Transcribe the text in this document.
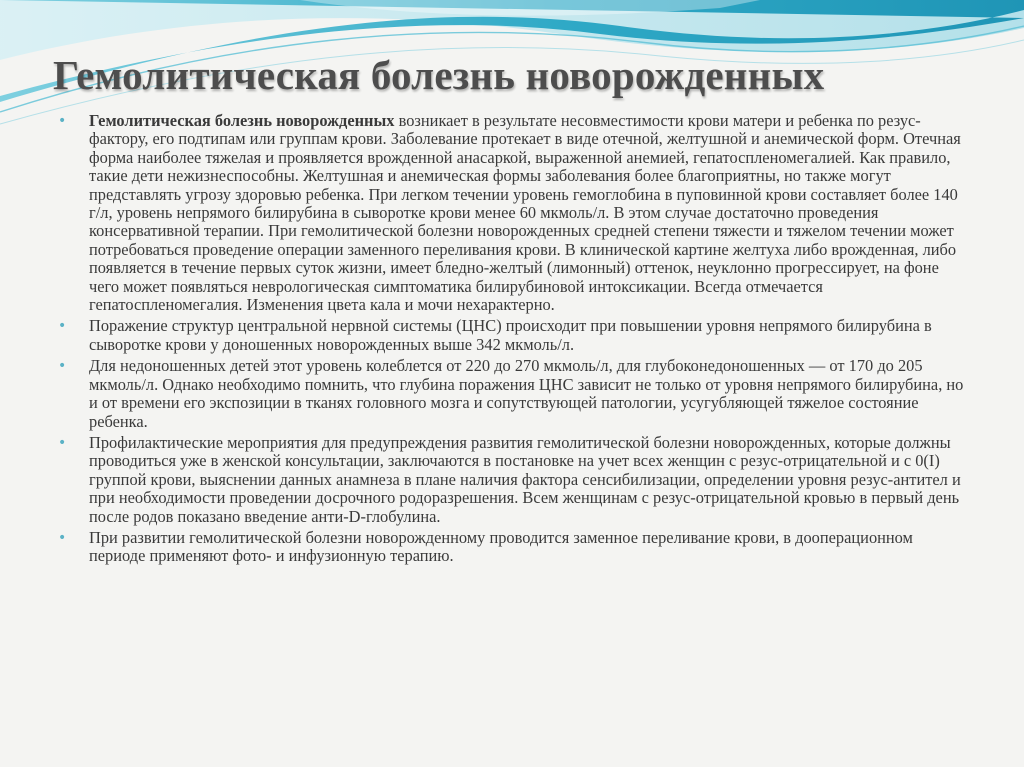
Гемолитическая болезнь новорожденных
• Гемолитическая болезнь новорожденных возникает в результате несовместимости крови матери и ребенка по резус-фактору, его подтипам или группам крови. Заболевание протекает в виде отечной, желтушной и анемической форм. Отечная форма наиболее тяжелая и проявляется врожденной анасаркой, выраженной анемией, гепатоспленомегалией. Как правило, такие дети нежизнеспособны. Желтушная и анемическая формы заболевания более благоприятны, но также могут представлять угрозу здоровью ребенка. При легком течении уровень гемоглобина в пуповинной крови составляет более 140 г/л, уровень непрямого билирубина в сыворотке крови менее 60 мкмоль/л. В этом случае достаточно проведения консервативной терапии. При гемолитической болезни новорожденных средней степени тяжести и тяжелом течении может потребоваться проведение операции заменного переливания крови. В клинической картине желтуха либо врожденная, либо появляется в течение первых суток жизни, имеет бледно-желтый (лимонный) оттенок, неуклонно прогрессирует, на фоне чего может появляться неврологическая симптоматика билирубиновой интоксикации. Всегда отмечается гепатоспленомегалия. Изменения цвета кала и мочи нехарактерно.
• Поражение структур центральной нервной системы (ЦНС) происходит при повышении уровня непрямого билирубина в сыворотке крови у доношенных новорожденных выше 342 мкмоль/л.
• Для недоношенных детей этот уровень колеблется от 220 до 270 мкмоль/л, для глубоконедоношенных — от 170 до 205 мкмоль/л. Однако необходимо помнить, что глубина поражения ЦНС зависит не только от уровня непрямого билирубина, но и от времени его экспозиции в тканях головного мозга и сопутствующей патологии, усугубляющей тяжелое состояние ребенка.
• Профилактические мероприятия для предупреждения развития гемолитической болезни новорожденных, которые должны проводиться уже в женской консультации, заключаются в постановке на учет всех женщин с резус-отрицательной и с 0(I) группой крови, выяснении данных анамнеза в плане наличия фактора сенсибилизации, определении уровня резус-антител и при необходимости проведении досрочного родоразрешения. Всем женщинам с резус-отрицательной кровью в первый день после родов показано введение анти-D-глобулина.
• При развитии гемолитической болезни новорожденному проводится заменное переливание крови, в дооперационном периоде применяют фото- и инфузионную терапию.
